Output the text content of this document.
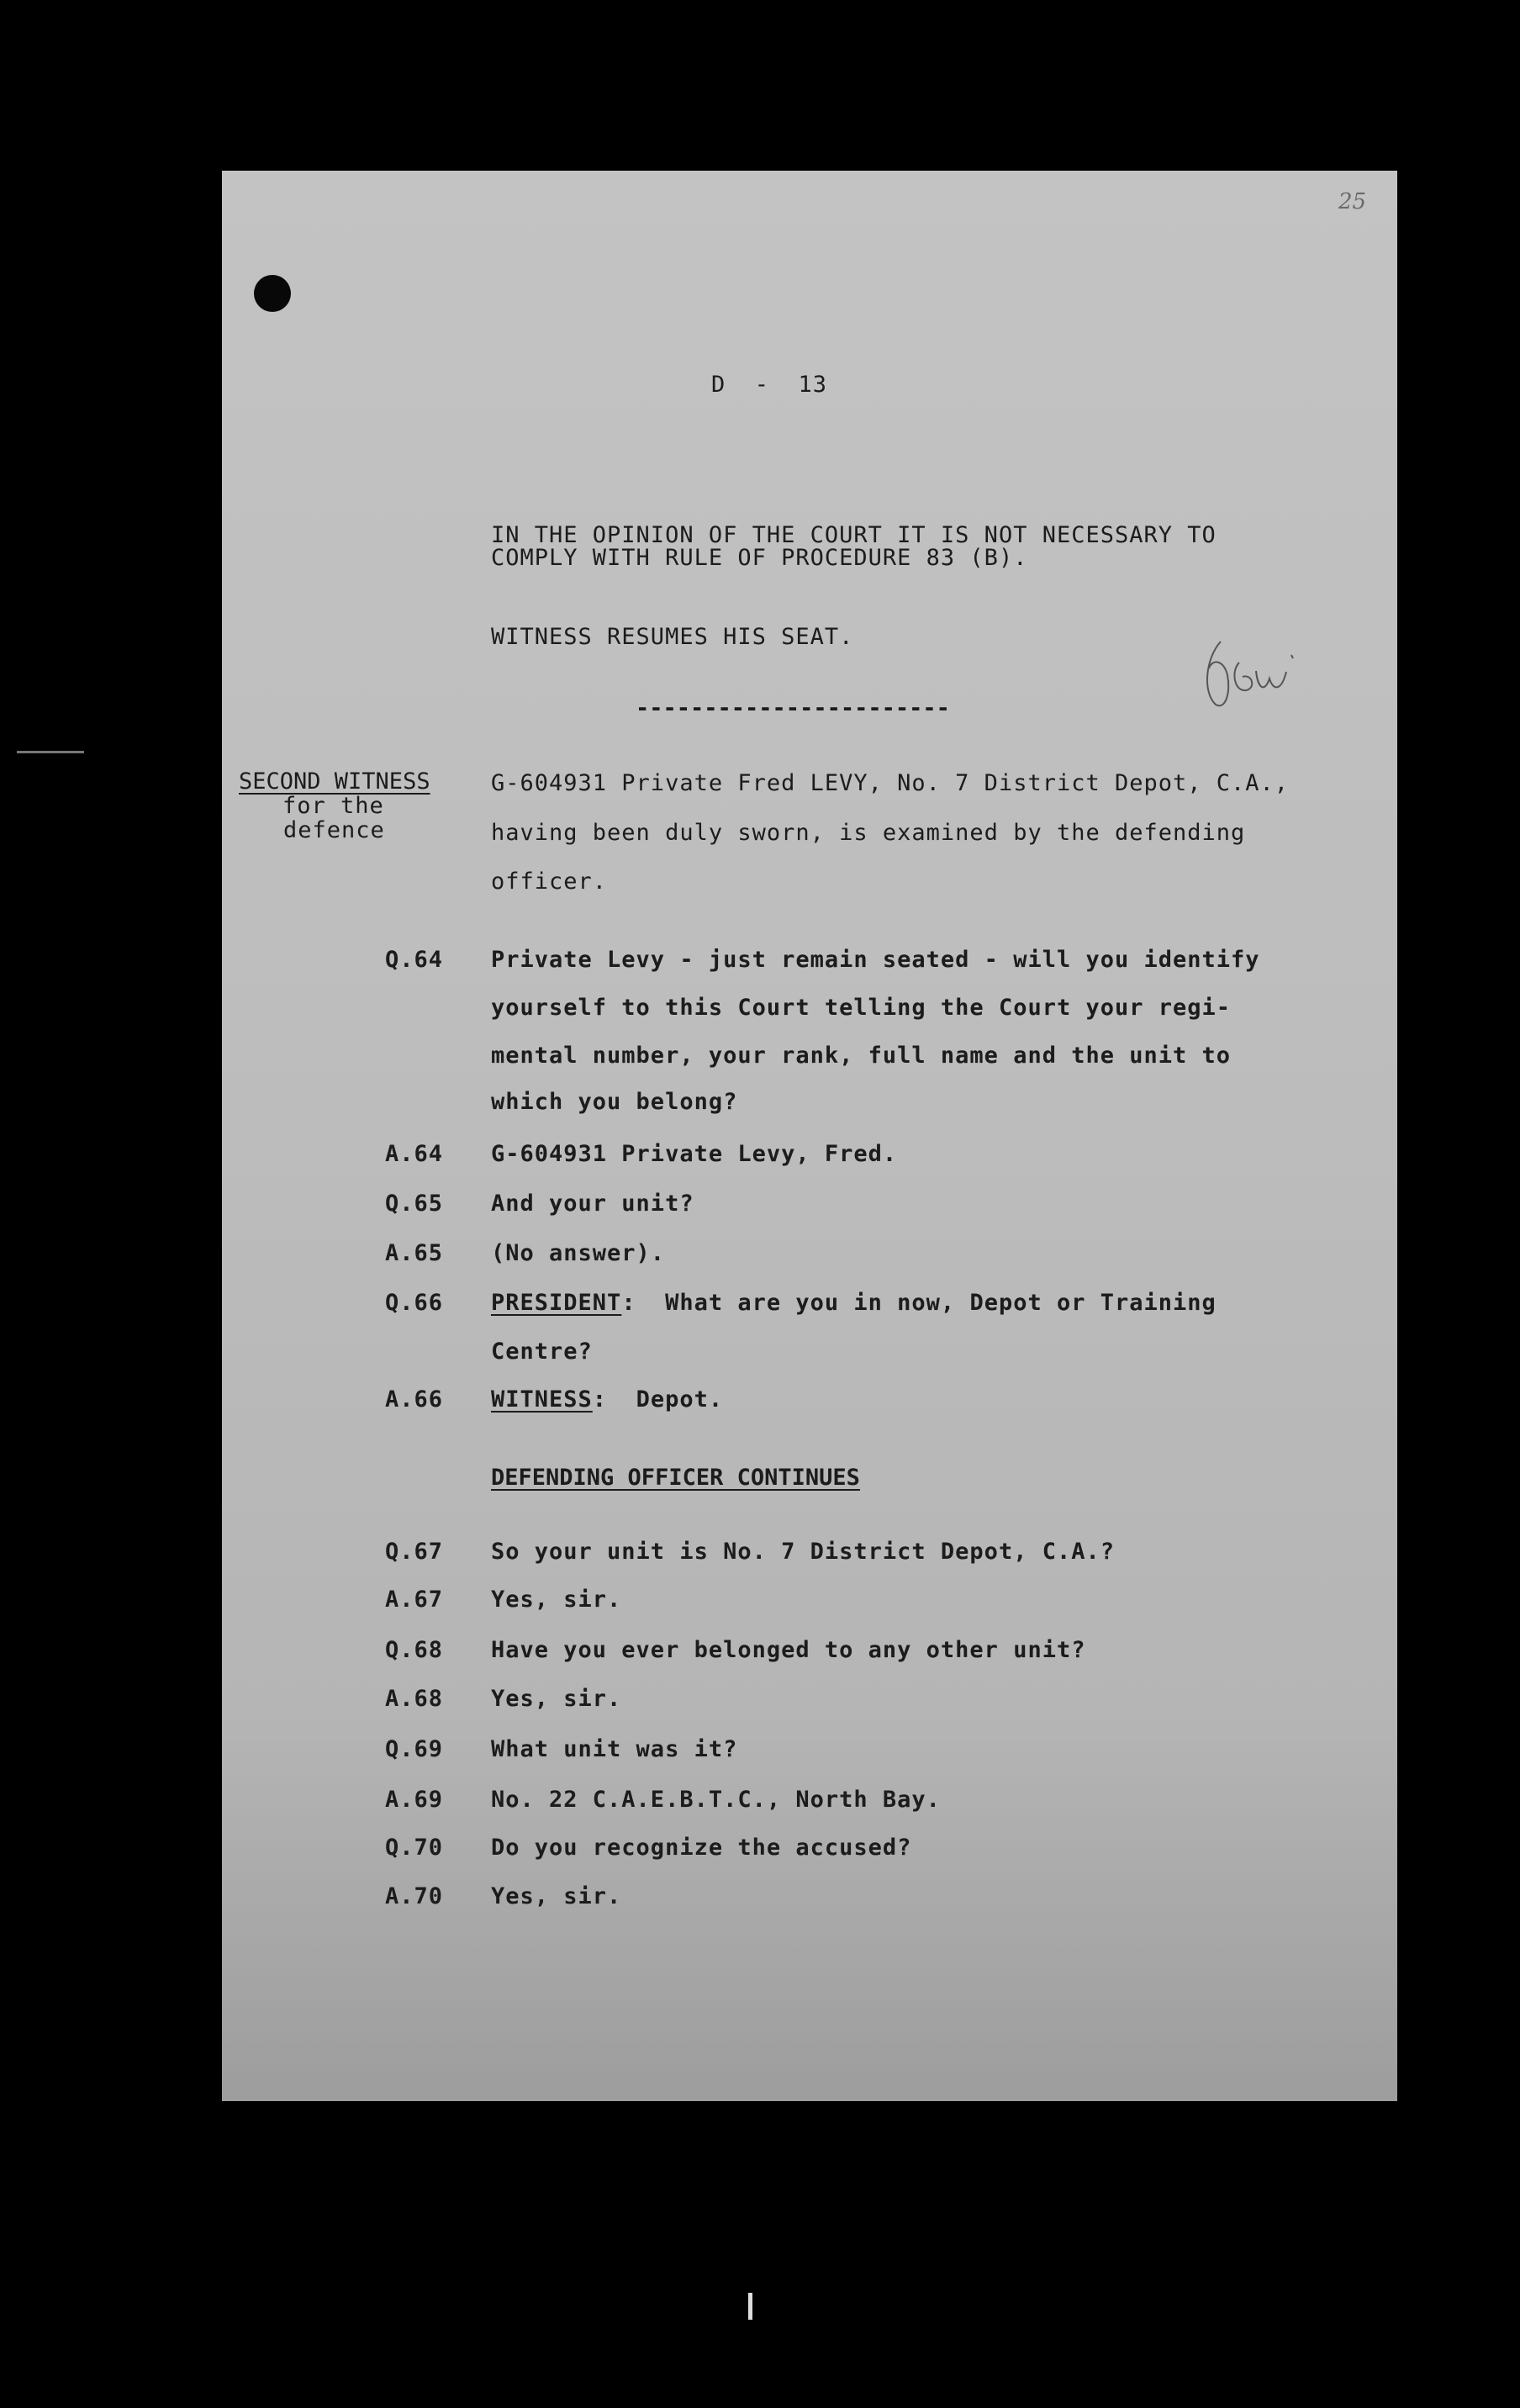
25
D  -  13
IN THE OPINION OF THE COURT IT IS NOT NECESSARY TO
COMPLY WITH RULE OF PROCEDURE 83 (B).
WITNESS RESUMES HIS SEAT.
-----------------------
SECOND WITNESS
for the
defence
G-604931 Private Fred LEVY, No. 7 District Depot, C.A.,
having been duly sworn, is examined by the defending
officer.
Q.64 Private Levy - just remain seated - will you identify
yourself to this Court telling the Court your regi-
mental number, your rank, full name and the unit to
which you belong?
A.64 G-604931 Private Levy, Fred.
Q.65 And your unit?
A.65 (No answer).
Q.66 PRESIDENT:  What are you in now, Depot or Training
Centre?
A.66 WITNESS:  Depot.
DEFENDING OFFICER CONTINUES
Q.67 So your unit is No. 7 District Depot, C.A.?
A.67 Yes, sir.
Q.68 Have you ever belonged to any other unit?
A.68 Yes, sir.
Q.69 What unit was it?
A.69 No. 22 C.A.E.B.T.C., North Bay.
Q.70 Do you recognize the accused?
A.70 Yes, sir.
